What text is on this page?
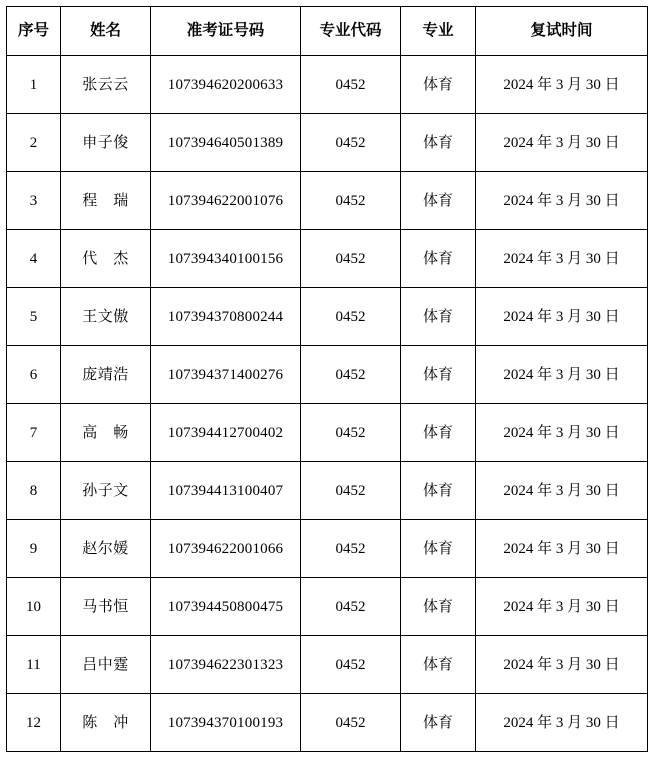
序号	姓名	准考证号码	专业代码	专业	复试时间
1	张云云	107394620200633	0452	体育	2024 年 3 月 30 日
2	申子俊	107394640501389	0452	体育	2024 年 3 月 30 日
3	程　瑞	107394622001076	0452	体育	2024 年 3 月 30 日
4	代　杰	107394340100156	0452	体育	2024 年 3 月 30 日
5	王文傲	107394370800244	0452	体育	2024 年 3 月 30 日
6	庞靖浩	107394371400276	0452	体育	2024 年 3 月 30 日
7	高　畅	107394412700402	0452	体育	2024 年 3 月 30 日
8	孙子文	107394413100407	0452	体育	2024 年 3 月 30 日
9	赵尔媛	107394622001066	0452	体育	2024 年 3 月 30 日
10	马书恒	107394450800475	0452	体育	2024 年 3 月 30 日
11	吕中霆	107394622301323	0452	体育	2024 年 3 月 30 日
12	陈　冲	107394370100193	0452	体育	2024 年 3 月 30 日
